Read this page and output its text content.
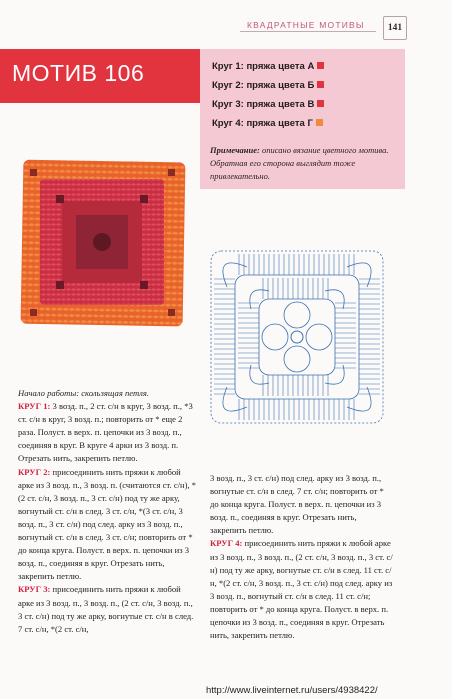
КВАДРАТНЫЕ МОТИВЫ	141
МОТИВ 106	Круг 1: пряжа цвета А
Круг 2: пряжа цвета Б
Круг 3: пряжа цвета В
Круг 4: пряжа цвета Г
Примечание: описано вязание цветного мотива. Обратная его сторона выглядит тоже привлекательно.

Начало работы: скользящая петля.

КРУГ 1: 3 возд. п., 2 ст. с/н в круг, 3 возд. п., *3 ст. с/н в круг, 3 возд. п.; повторить от * еще 2 раза. Полуст. в верх. п. цепочки из 3 возд. п., соединяя в круг. В круге 4 арки из 3 возд. п. Отрезать нить, закрепить петлю.

КРУГ 2: присоединить нить пряжи к любой арке из 3 возд. п., 3 возд. п. (считаются ст. с/н), *(2 ст. с/н, 3 возд. п., 3 ст. с/н) под ту же арку, вогнутый ст. с/н в след. 3 ст. с/н, *(3 ст. с/н, 3 возд. п., 3 ст. с/н) под след. арку из 3 возд. п., вогнутый ст. с/н в след. 3 ст. с/н; повторить от * до конца круга. Полуст. в верх. п. цепочки из 3 возд. п., соединяя в круг. Отрезать нить, закрепить петлю.

КРУГ 3: присоединить нить пряжи к любой арке из 3 возд. п., 3 возд. п., (2 ст. с/н, 3 возд. п., 3 ст. с/н) под ту же арку, вогнутые ст. с/н в след. 7 ст. с/н, *(2 ст. с/н,

3 возд. п., 3 ст. с/н) под след. арку из 3 возд. п., вогнутые ст. с/н в след. 7 ст. с/н; повторить от * до конца круга. Полуст. в верх. п. цепочки из 3 возд. п., соединяя в круг. Отрезать нить, закрепить петлю.

КРУГ 4: присоединить нить пряжи к любой арке из 3 возд. п., 3 возд. п., (2 ст. с/н, 3 возд. п., 3 ст. с/н) под ту же арку, вогнутые ст. с/н в след. 11 ст. с/н, *(2 ст. с/н, 3 возд. п., 3 ст. с/н) под след. арку из 3 возд. п., вогнутый ст. с/н в след. 11 ст. с/н; повторить от * до конца круга. Полуст. в верх. п. цепочки из 3 возд. п., соединяя в круг. Отрезать нить, закрепить петлю.

http://www.liveinternet.ru/users/4938422/
